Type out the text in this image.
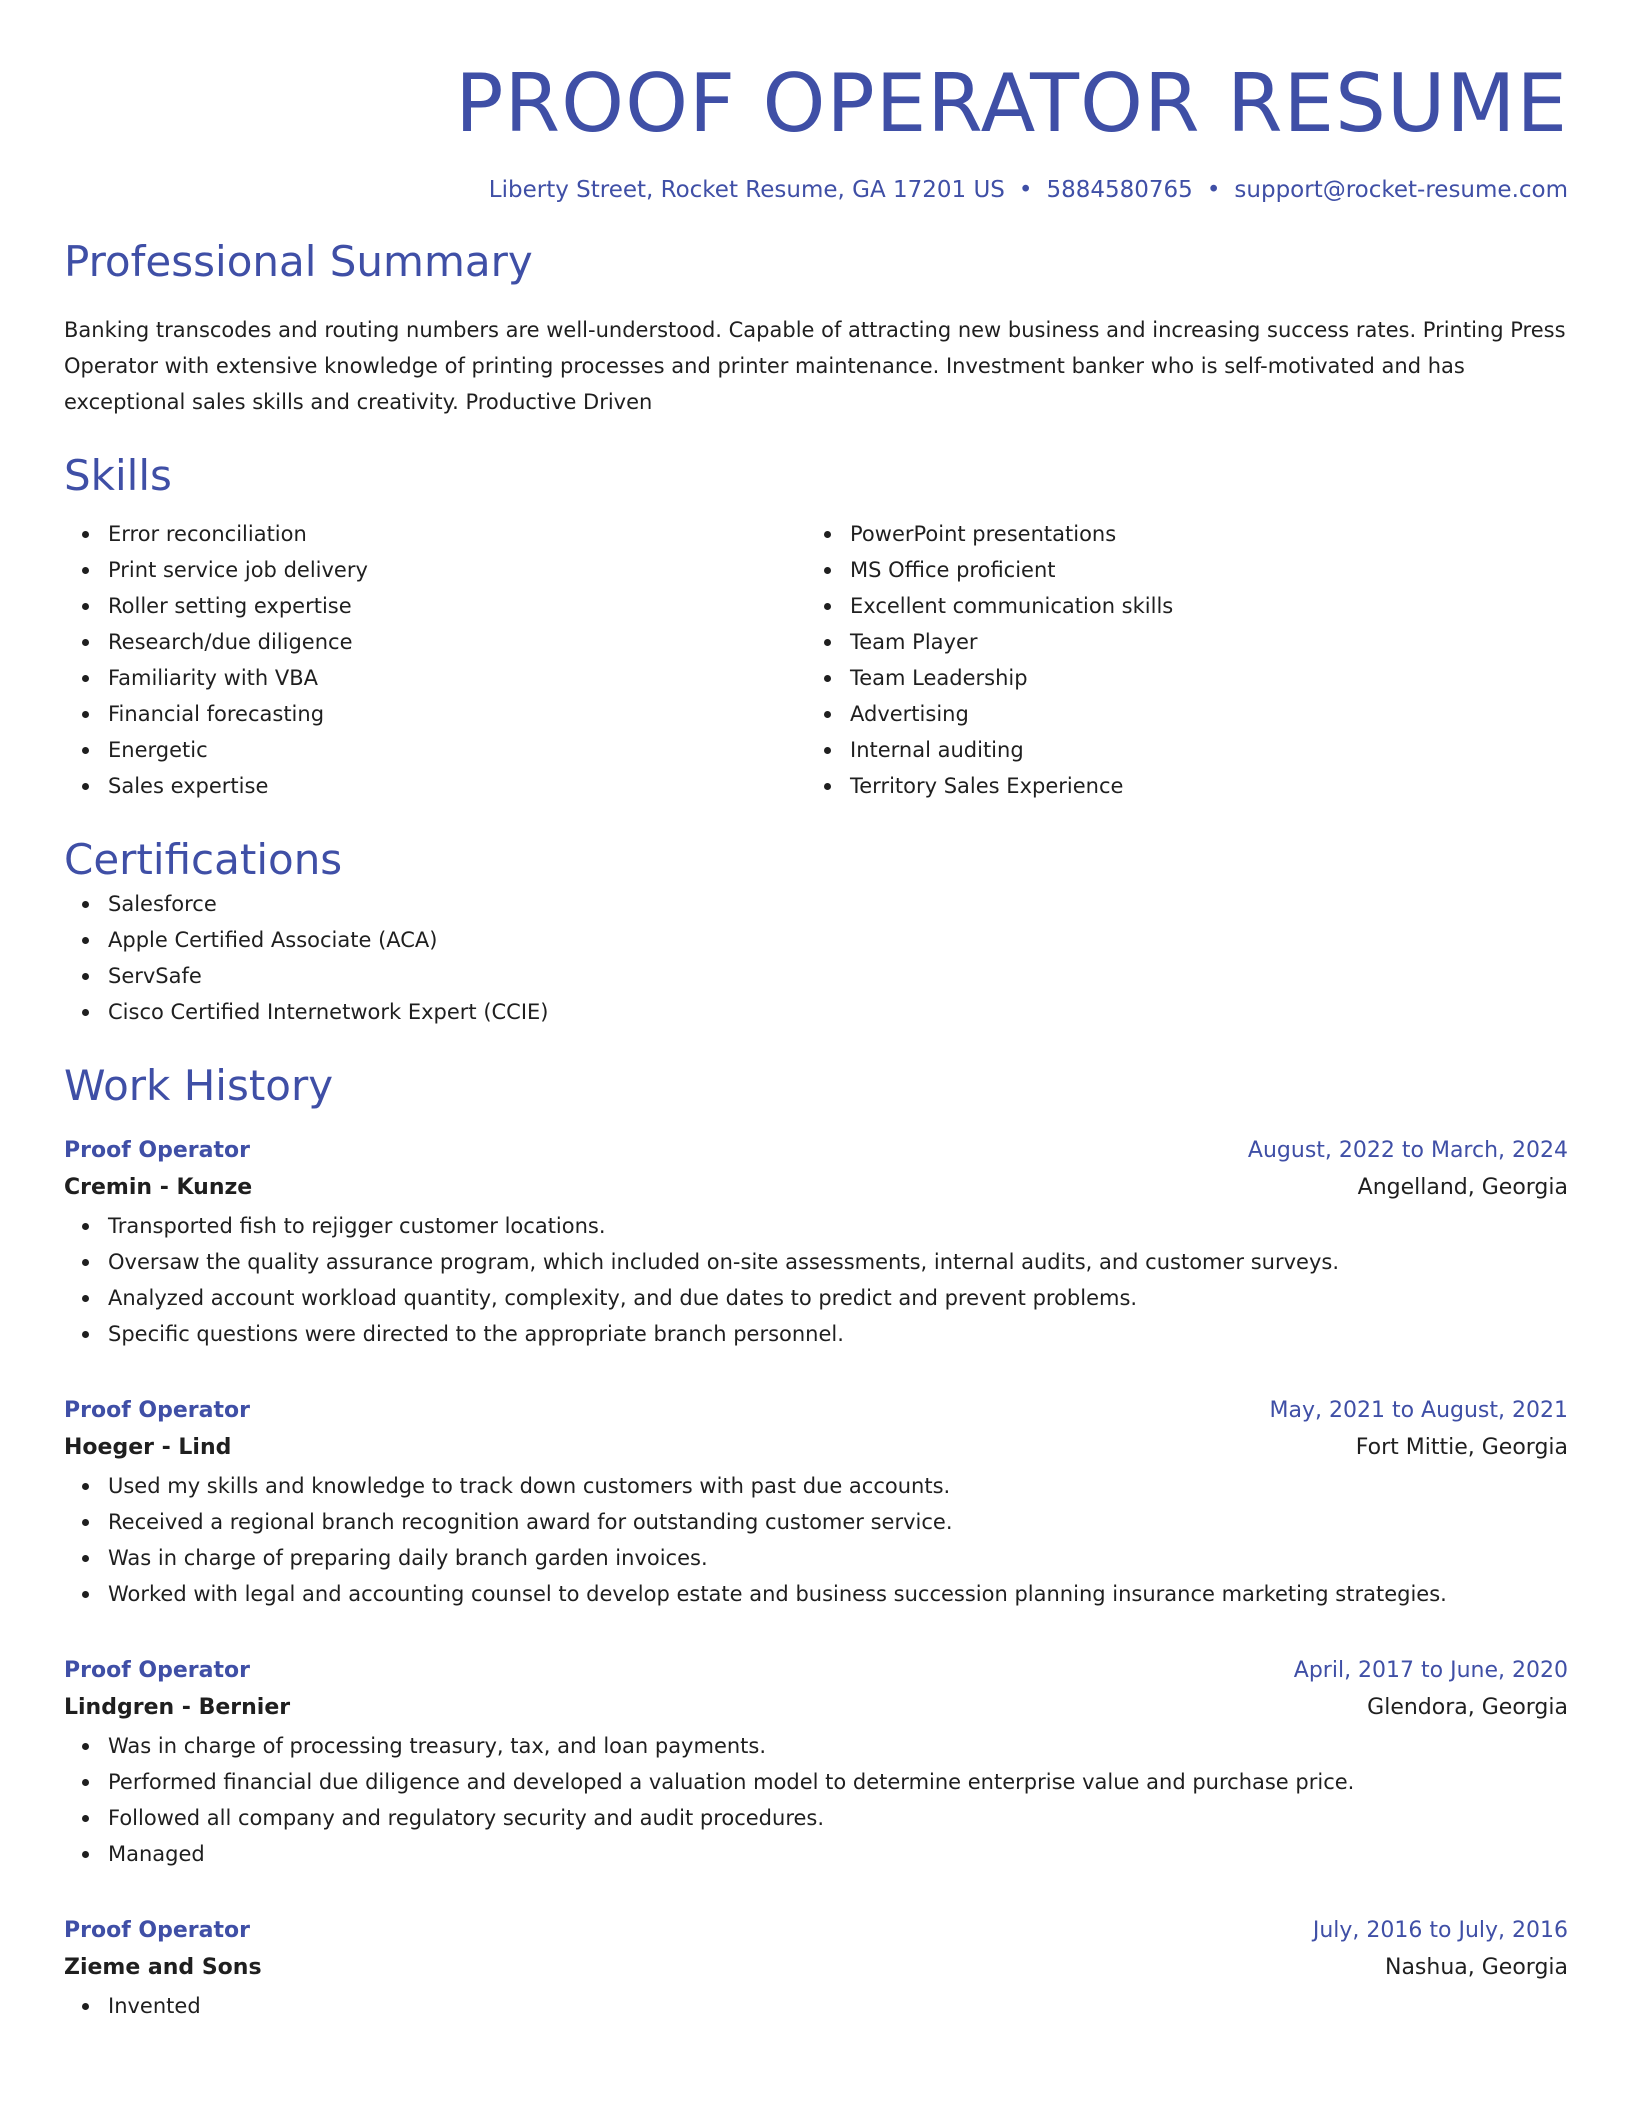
PROOF OPERATOR RESUME
Liberty Street, Rocket Resume, GA 17201 US • 5884580765 • support@rocket-resume.com
Professional Summary

Banking transcodes and routing numbers are well-understood. Capable of attracting new business and increasing success rates. Printing Press Operator with extensive knowledge of printing processes and printer maintenance. Investment banker who is self-motivated and has exceptional sales skills and creativity. Productive Driven

Skills
Error reconciliation
Print service job delivery
Roller setting expertise
Research/due diligence
Familiarity with VBA
Financial forecasting
Energetic
Sales expertise
PowerPoint presentations
MS Office proficient
Excellent communication skills
Team Player
Team Leadership
Advertising
Internal auditing
Territory Sales Experience
Certifications
Salesforce
Apple Certified Associate (ACA)
ServSafe
Cisco Certified Internetwork Expert (CCIE)
Work History
Proof Operator	August, 2022 to March, 2024
Cremin - Kunze	Angelland, Georgia
Transported fish to rejigger customer locations.
Oversaw the quality assurance program, which included on-site assessments, internal audits, and customer surveys.
Analyzed account workload quantity, complexity, and due dates to predict and prevent problems.
Specific questions were directed to the appropriate branch personnel.
Proof Operator	May, 2021 to August, 2021
Hoeger - Lind	Fort Mittie, Georgia
Used my skills and knowledge to track down customers with past due accounts.
Received a regional branch recognition award for outstanding customer service.
Was in charge of preparing daily branch garden invoices.
Worked with legal and accounting counsel to develop estate and business succession planning insurance marketing strategies.
Proof Operator	April, 2017 to June, 2020
Lindgren - Bernier	Glendora, Georgia
Was in charge of processing treasury, tax, and loan payments.
Performed financial due diligence and developed a valuation model to determine enterprise value and purchase price.
Followed all company and regulatory security and audit procedures.
Managed
Proof Operator	July, 2016 to July, 2016
Zieme and Sons	Nashua, Georgia
Invented
